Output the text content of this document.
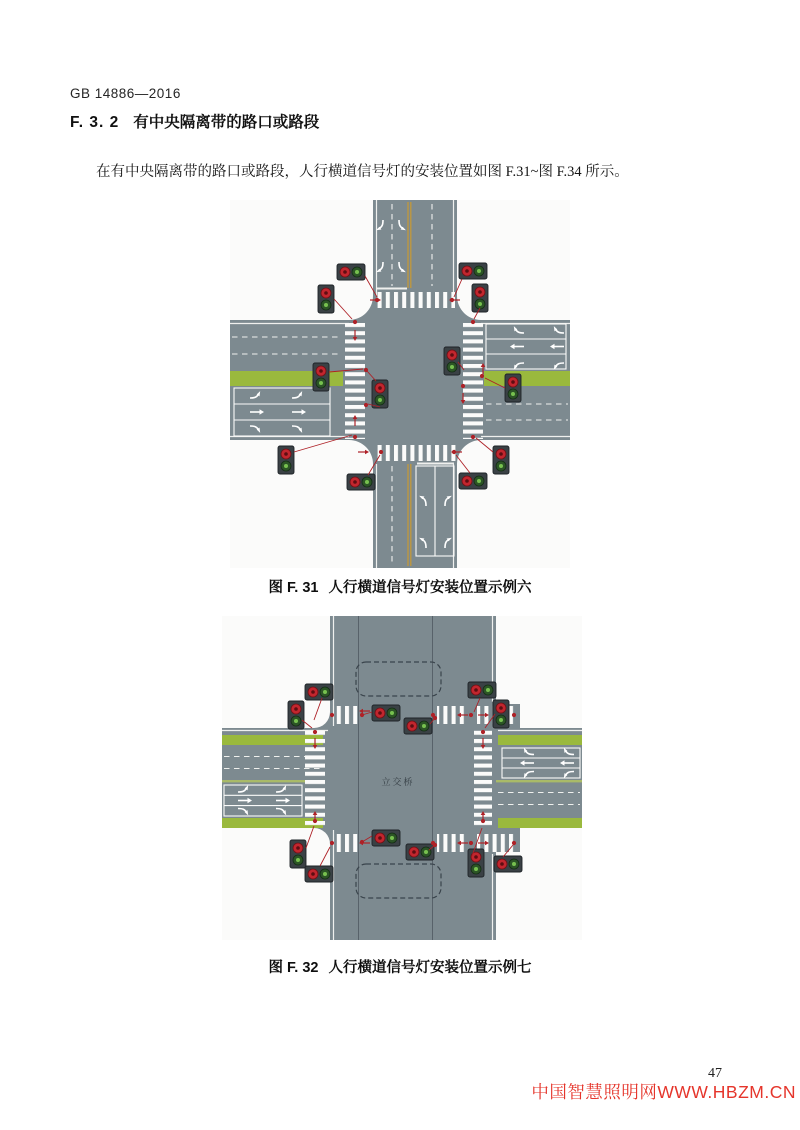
GB 14886—2016
F. 3. 2 有中央隔离带的路口或路段
在有中央隔离带的路口或路段，人行横道信号灯的安装位置如图 F.31~图 F.34 所示。
图 F. 31 人行横道信号灯安装位置示例六
立交桥
图 F. 32 人行横道信号灯安装位置示例七
47
中国智慧照明网WWW.HBZM.CN
